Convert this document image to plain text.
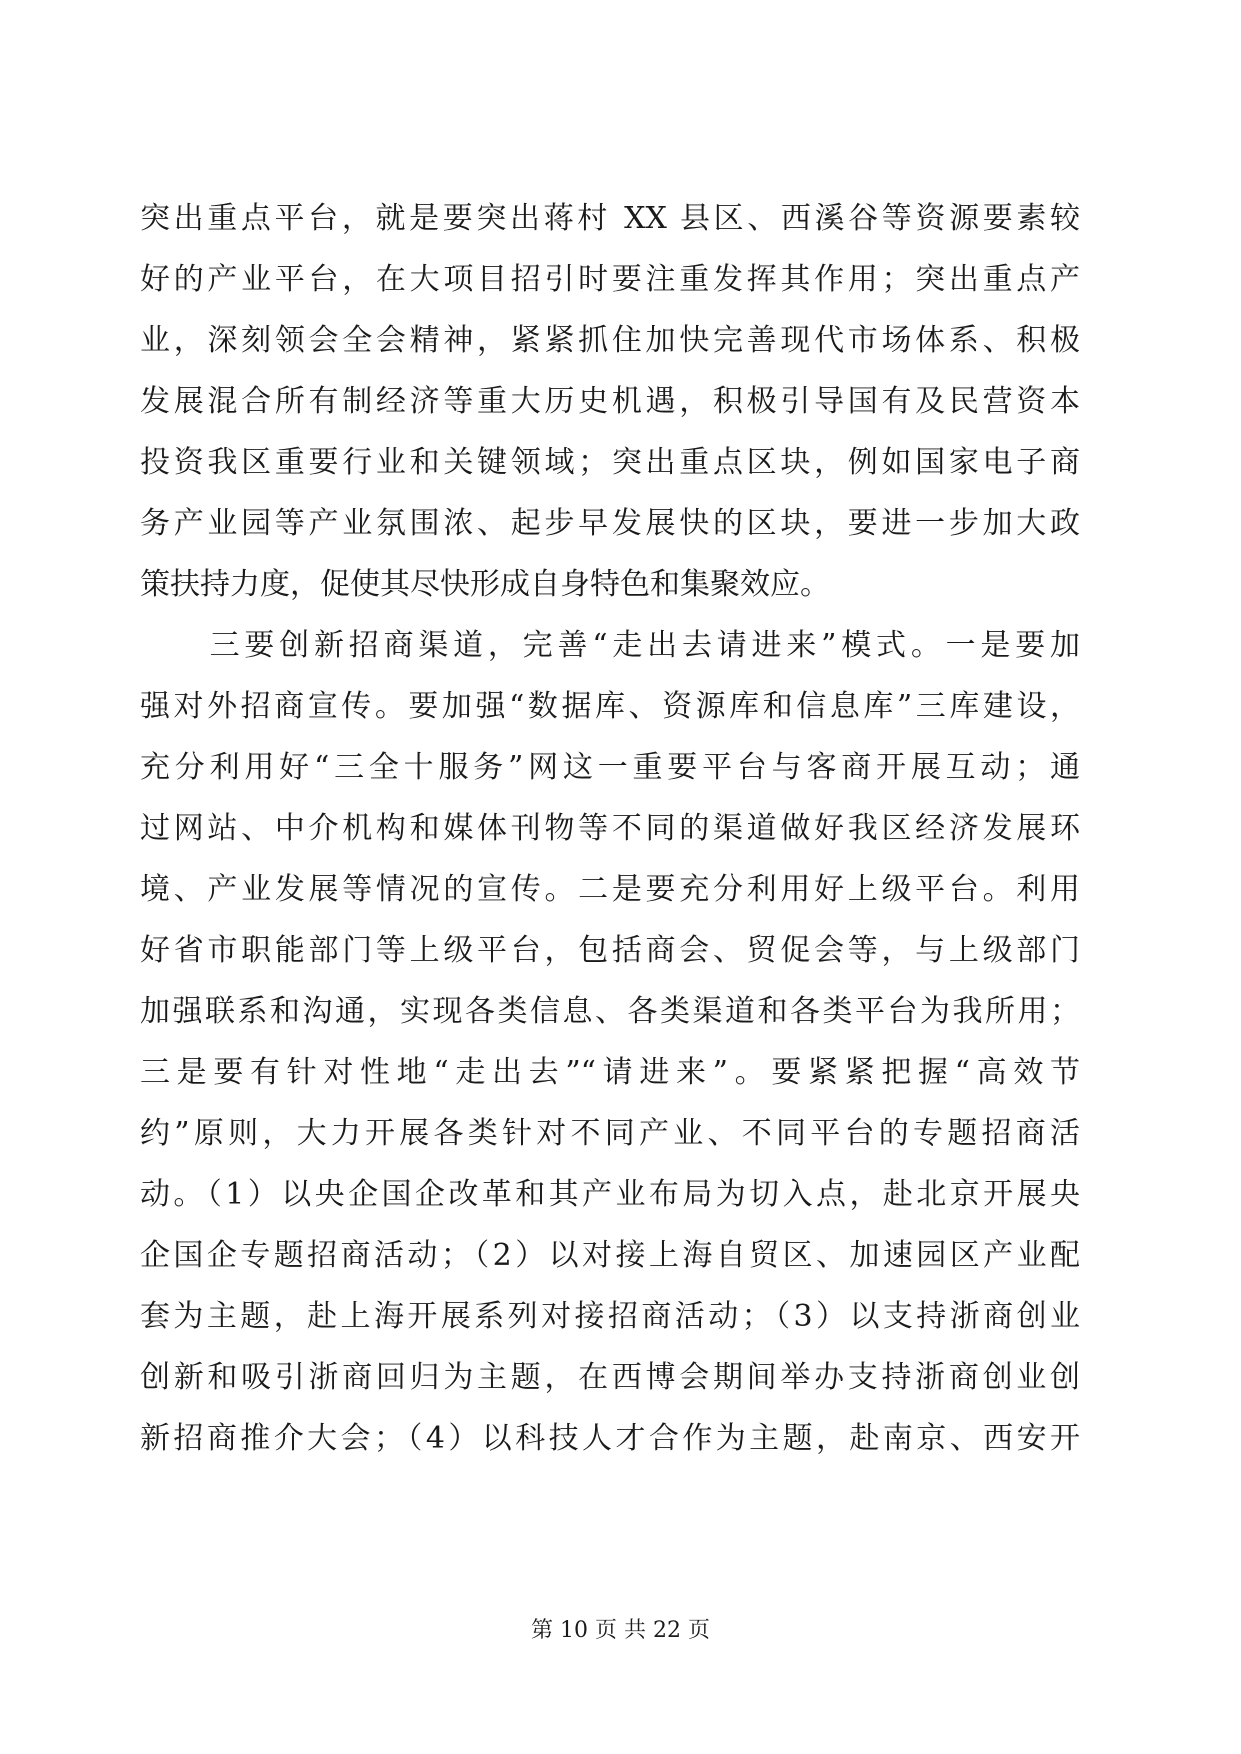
突出重点平台，就是要突出蒋村 XX 县区、西溪谷等资源要素较
好的产业平台，在大项目招引时要注重发挥其作用；突出重点产
业，深刻领会全会精神，紧紧抓住加快完善现代市场体系、积极
发展混合所有制经济等重大历史机遇，积极引导国有及民营资本
投资我区重要行业和关键领域；突出重点区块，例如国家电子商
务产业园等产业氛围浓、起步早发展快的区块，要进一步加大政
策扶持力度，促使其尽快形成自身特色和集聚效应。
　　三要创新招商渠道，完善“走出去请进来”模式。一是要加
强对外招商宣传。要加强“数据库、资源库和信息库”三库建设，
充分利用好“三全十服务”网这一重要平台与客商开展互动；通
过网站、中介机构和媒体刊物等不同的渠道做好我区经济发展环
境、产业发展等情况的宣传。二是要充分利用好上级平台。利用
好省市职能部门等上级平台，包括商会、贸促会等，与上级部门
加强联系和沟通，实现各类信息、各类渠道和各类平台为我所用；
三是要有针对性地“走出去”“请进来”。要紧紧把握“高效节
约”原则，大力开展各类针对不同产业、不同平台的专题招商活
动。（1）以央企国企改革和其产业布局为切入点，赴北京开展央
企国企专题招商活动；（2）以对接上海自贸区、加速园区产业配
套为主题，赴上海开展系列对接招商活动；（3）以支持浙商创业
创新和吸引浙商回归为主题，在西博会期间举办支持浙商创业创
新招商推介大会；（4）以科技人才合作为主题，赴南京、西安开
第 10 页 共 22 页
